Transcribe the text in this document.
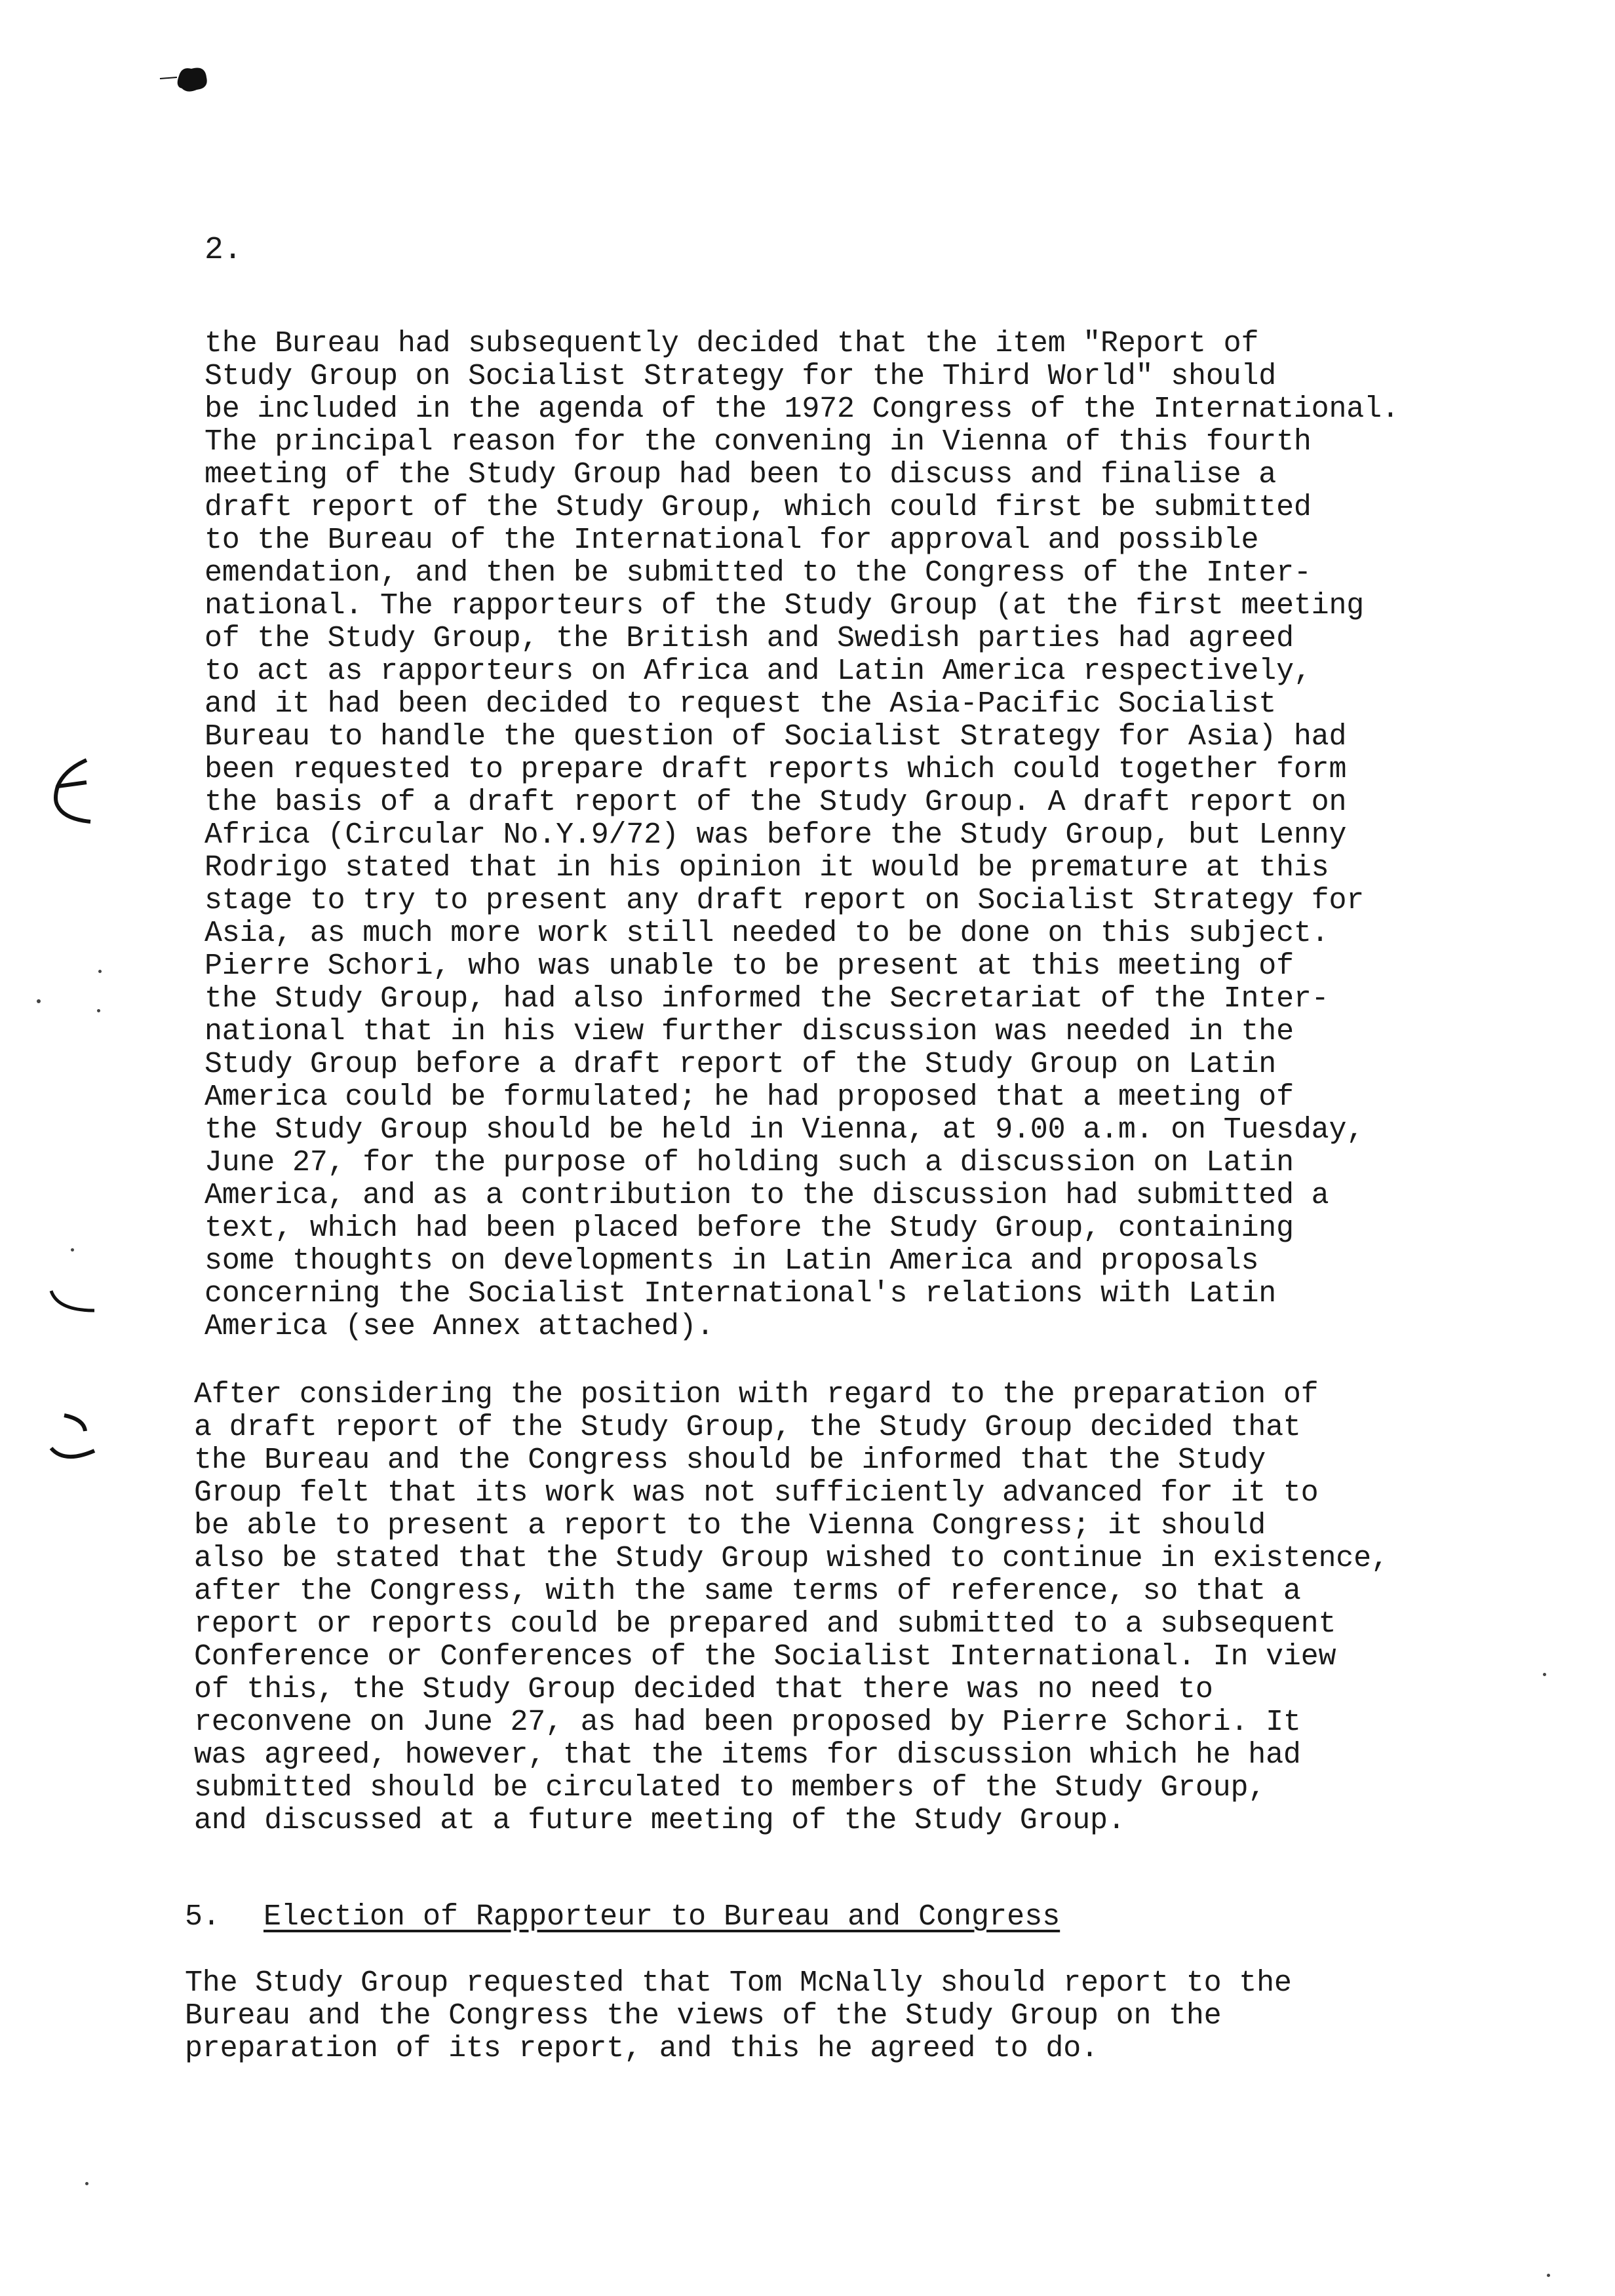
2.

the Bureau had subsequently decided that the item "Report of
Study Group on Socialist Strategy for the Third World" should
be included in the agenda of the 1972 Congress of the International.
The principal reason for the convening in Vienna of this fourth
meeting of the Study Group had been to discuss and finalise a
draft report of the Study Group, which could first be submitted
to the Bureau of the International for approval and possible
emendation, and then be submitted to the Congress of the Inter-
national. The rapporteurs of the Study Group (at the first meeting
of the Study Group, the British and Swedish parties had agreed
to act as rapporteurs on Africa and Latin America respectively,
and it had been decided to request the Asia-Pacific Socialist
Bureau to handle the question of Socialist Strategy for Asia) had
been requested to prepare draft reports which could together form
the basis of a draft report of the Study Group. A draft report on
Africa (Circular No.Y.9/72) was before the Study Group, but Lenny
Rodrigo stated that in his opinion it would be premature at this
stage to try to present any draft report on Socialist Strategy for
Asia, as much more work still needed to be done on this subject.
Pierre Schori, who was unable to be present at this meeting of
the Study Group, had also informed the Secretariat of the Inter-
national that in his view further discussion was needed in the
Study Group before a draft report of the Study Group on Latin
America could be formulated; he had proposed that a meeting of
the Study Group should be held in Vienna, at 9.00 a.m. on Tuesday,
June 27, for the purpose of holding such a discussion on Latin
America, and as a contribution to the discussion had submitted a
text, which had been placed before the Study Group, containing
some thoughts on developments in Latin America and proposals
concerning the Socialist International's relations with Latin
America (see Annex attached).

After considering the position with regard to the preparation of
a draft report of the Study Group, the Study Group decided that
the Bureau and the Congress should be informed that the Study
Group felt that its work was not sufficiently advanced for it to
be able to present a report to the Vienna Congress; it should
also be stated that the Study Group wished to continue in existence,
after the Congress, with the same terms of reference, so that a
report or reports could be prepared and submitted to a subsequent
Conference or Conferences of the Socialist International. In view
of this, the Study Group decided that there was no need to
reconvene on June 27, as had been proposed by Pierre Schori. It
was agreed, however, that the items for discussion which he had
submitted should be circulated to members of the Study Group,
and discussed at a future meeting of the Study Group.

5. Election of Rapporteur to Bureau and Congress

The Study Group requested that Tom McNally should report to the
Bureau and the Congress the views of the Study Group on the
preparation of its report, and this he agreed to do.
